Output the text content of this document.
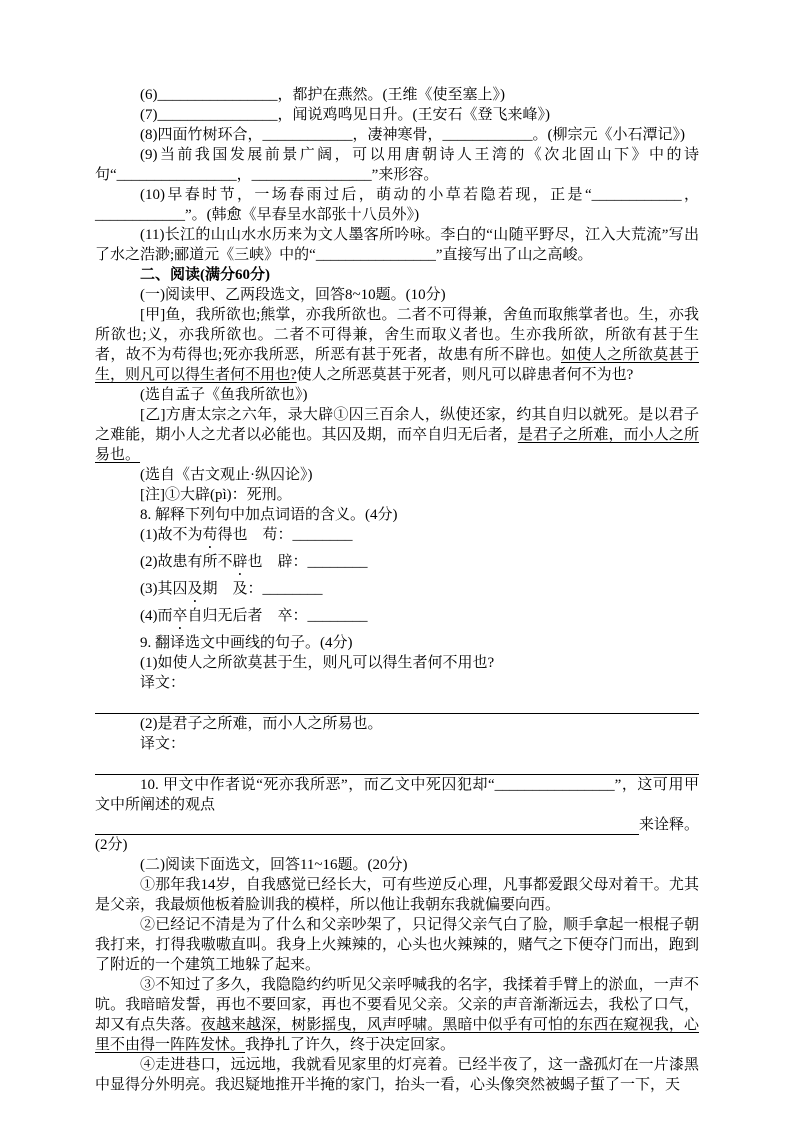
(6)________________，都护在燕然。(王维《使至塞上》)
(7)________________，闻说鸡鸣见日升。(王安石《登飞来峰》)
(8)四面竹树环合，____________，凄神寒骨，____________。(柳宗元《小石潭记》)
(9)当前我国发展前景广阔，可以用唐朝诗人王湾的《次北固山下》中的诗句“________________，________________”来形容。
(10)早春时节，一场春雨过后，萌动的小草若隐若现，正是“____________，____________”。(韩愈《早春呈水部张十八员外》)
(11)长江的山山水水历来为文人墨客所吟咏。李白的“山随平野尽，江入大荒流”写出了水之浩渺;郦道元《三峡》中的“________________”直接写出了山之高峻。
二、阅读(满分60分)
(一)阅读甲、乙两段选文，回答8~10题。(10分)
[甲]鱼，我所欲也;熊掌，亦我所欲也。二者不可得兼，舍鱼而取熊掌者也。生，亦我所欲也;义，亦我所欲也。二者不可得兼，舍生而取义者也。生亦我所欲，所欲有甚于生者，故不为苟得也;死亦我所恶，所恶有甚于死者，故患有所不辟也。如使人之所欲莫甚于生，则凡可以得生者何不用也?使人之所恶莫甚于死者，则凡可以辟患者何不为也?
(选自孟子《鱼我所欲也》)
[乙]方唐太宗之六年，录大辟①囚三百余人，纵使还家，约其自归以就死。是以君子之难能，期小人之尤者以必能也。其囚及期，而卒自归无后者，是君子之所难，而小人之所易也。
(选自《古文观止·纵囚论》)
[注]①大辟(pì)：死刑。
8. 解释下列句中加点词语的含义。(4分)
(1)故不为苟得也　苟：________
(2)故患有所不辟也　辟：________
(3)其囚及期　及：________
(4)而卒自归无后者　卒：________
9. 翻译选文中画线的句子。(4分)
(1)如使人之所欲莫甚于生，则凡可以得生者何不用也?
译文：
(2)是君子之所难，而小人之所易也。
译文：
10. 甲文中作者说“死亦我所恶”，而乙文中死囚犯却“________________”，这可用甲文中所阐述的观点
来诠释。
(2分)
(二)阅读下面选文，回答11~16题。(20分)
①那年我14岁，自我感觉已经长大，可有些逆反心理，凡事都爱跟父母对着干。尤其是父亲，我最烦他板着脸训我的模样，所以他让我朝东我就偏要向西。
②已经记不清是为了什么和父亲吵架了，只记得父亲气白了脸，顺手拿起一根棍子朝我打来，打得我嗷嗷直叫。我身上火辣辣的，心头也火辣辣的，赌气之下便夺门而出，跑到了附近的一个建筑工地躲了起来。
③不知过了多久，我隐隐约约听见父亲呼喊我的名字，我揉着手臂上的淤血，一声不吭。我暗暗发誓，再也不要回家，再也不要看见父亲。父亲的声音渐渐远去，我松了口气，却又有点失落。夜越来越深，树影摇曳，风声呼啸。黑暗中似乎有可怕的东西在窥视我，心里不由得一阵阵发怵。我挣扎了许久，终于决定回家。
④走进巷口，远远地，我就看见家里的灯亮着。已经半夜了，这一盏孤灯在一片漆黑中显得分外明亮。我迟疑地推开半掩的家门，抬头一看，心头像突然被蝎子蜇了一下，天
